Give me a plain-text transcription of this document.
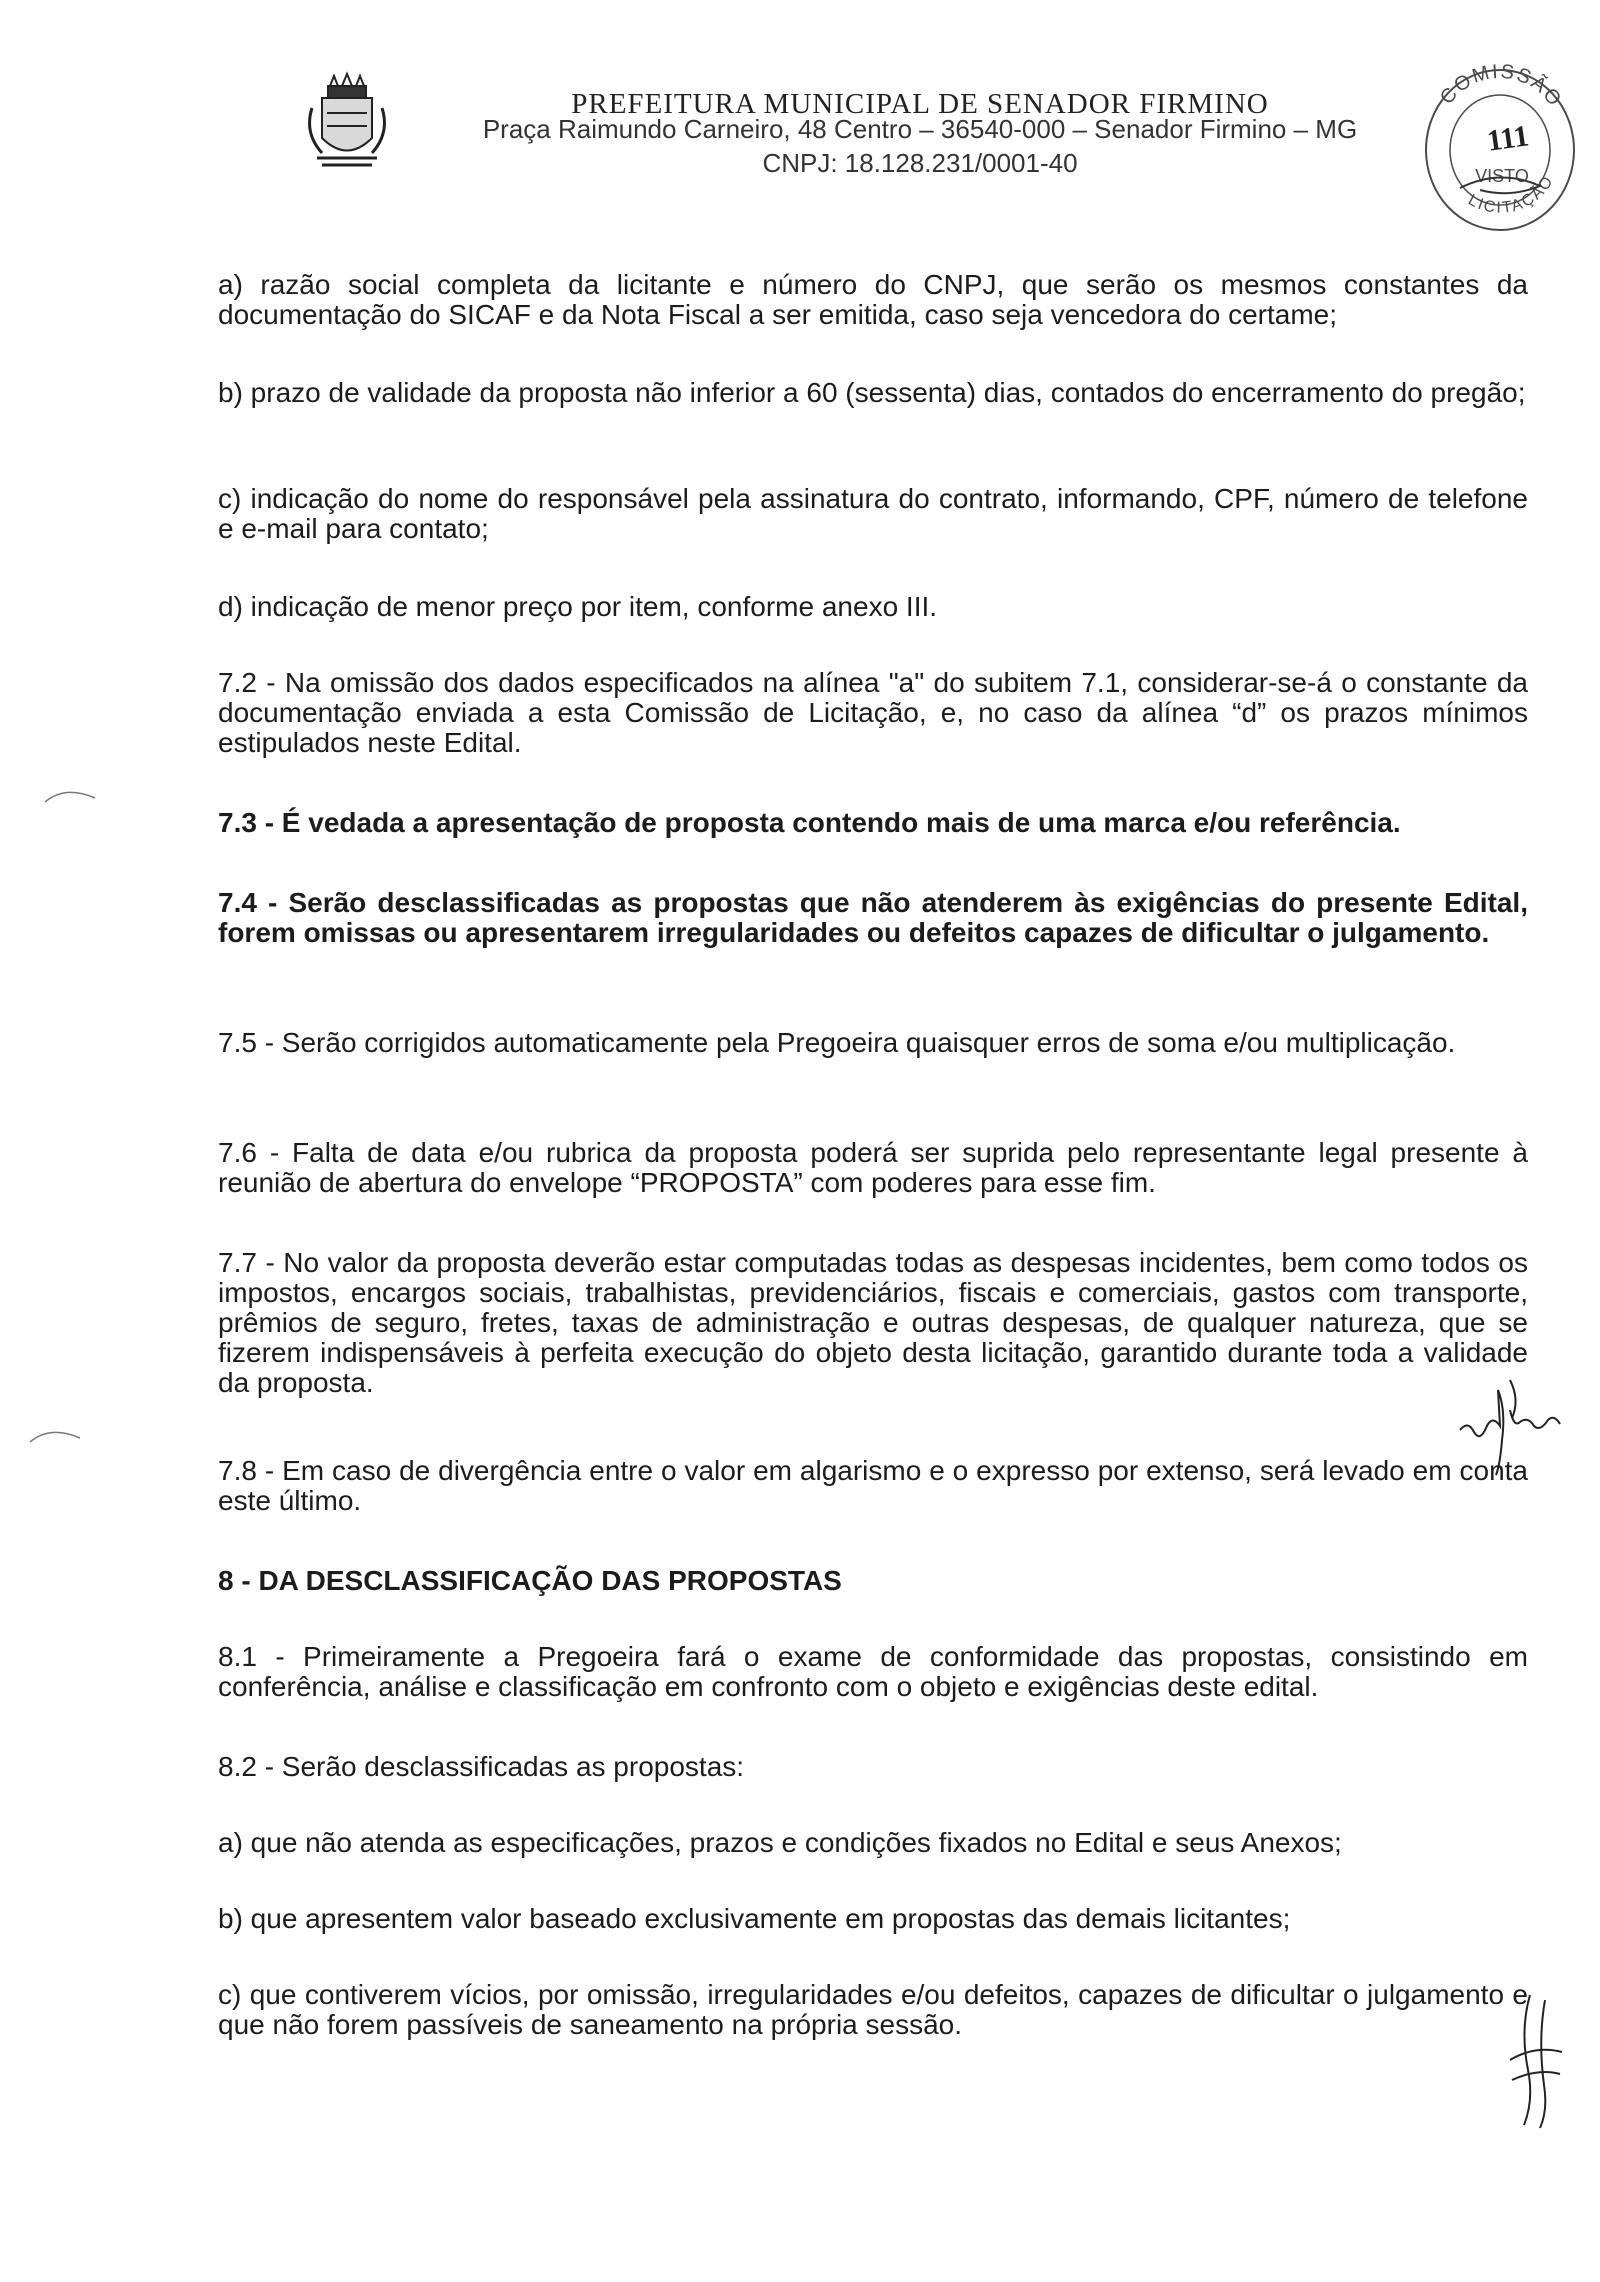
PREFEITURA MUNICIPAL DE SENADOR FIRMINO
Praça Raimundo Carneiro, 48 Centro – 36540-000 – Senador Firmino – MG
CNPJ: 18.128.231/0001-40
COMISSÃO
LICITAÇÃO
VISTO
111

a) razão social completa da licitante e número do CNPJ, que serão os mesmos constantes da documentação do SICAF e da Nota Fiscal a ser emitida, caso seja vencedora do certame;

b) prazo de validade da proposta não inferior a 60 (sessenta) dias, contados do encerramento do pregão;

c) indicação do nome do responsável pela assinatura do contrato, informando, CPF, número de telefone e e-mail para contato;

d) indicação de menor preço por item, conforme anexo III.

7.2 - Na omissão dos dados especificados na alínea "a" do subitem 7.1, considerar-se-á o constante da documentação enviada a esta Comissão de Licitação, e, no caso da alínea “d” os prazos mínimos estipulados neste Edital.

7.3 - É vedada a apresentação de proposta contendo mais de uma marca e/ou referência.

7.4 - Serão desclassificadas as propostas que não atenderem às exigências do presente Edital, forem omissas ou apresentarem irregularidades ou defeitos capazes de dificultar o julgamento.

7.5 - Serão corrigidos automaticamente pela Pregoeira quaisquer erros de soma e/ou multiplicação.

7.6 - Falta de data e/ou rubrica da proposta poderá ser suprida pelo representante legal presente à reunião de abertura do envelope “PROPOSTA” com poderes para esse fim.

7.7 - No valor da proposta deverão estar computadas todas as despesas incidentes, bem como todos os impostos, encargos sociais, trabalhistas, previdenciários, fiscais e comerciais, gastos com transporte, prêmios de seguro, fretes, taxas de administração e outras despesas, de qualquer natureza, que se fizerem indispensáveis à perfeita execução do objeto desta licitação, garantido durante toda a validade da proposta.

7.8 - Em caso de divergência entre o valor em algarismo e o expresso por extenso, será levado em conta este último.

8 - DA DESCLASSIFICAÇÃO DAS PROPOSTAS

8.1 - Primeiramente a Pregoeira fará o exame de conformidade das propostas, consistindo em conferência, análise e classificação em confronto com o objeto e exigências deste edital.

8.2 - Serão desclassificadas as propostas:

a) que não atenda as especificações, prazos e condições fixados no Edital e seus Anexos;

b) que apresentem valor baseado exclusivamente em propostas das demais licitantes;

c) que contiverem vícios, por omissão, irregularidades e/ou defeitos, capazes de dificultar o julgamento e que não forem passíveis de saneamento na própria sessão.
